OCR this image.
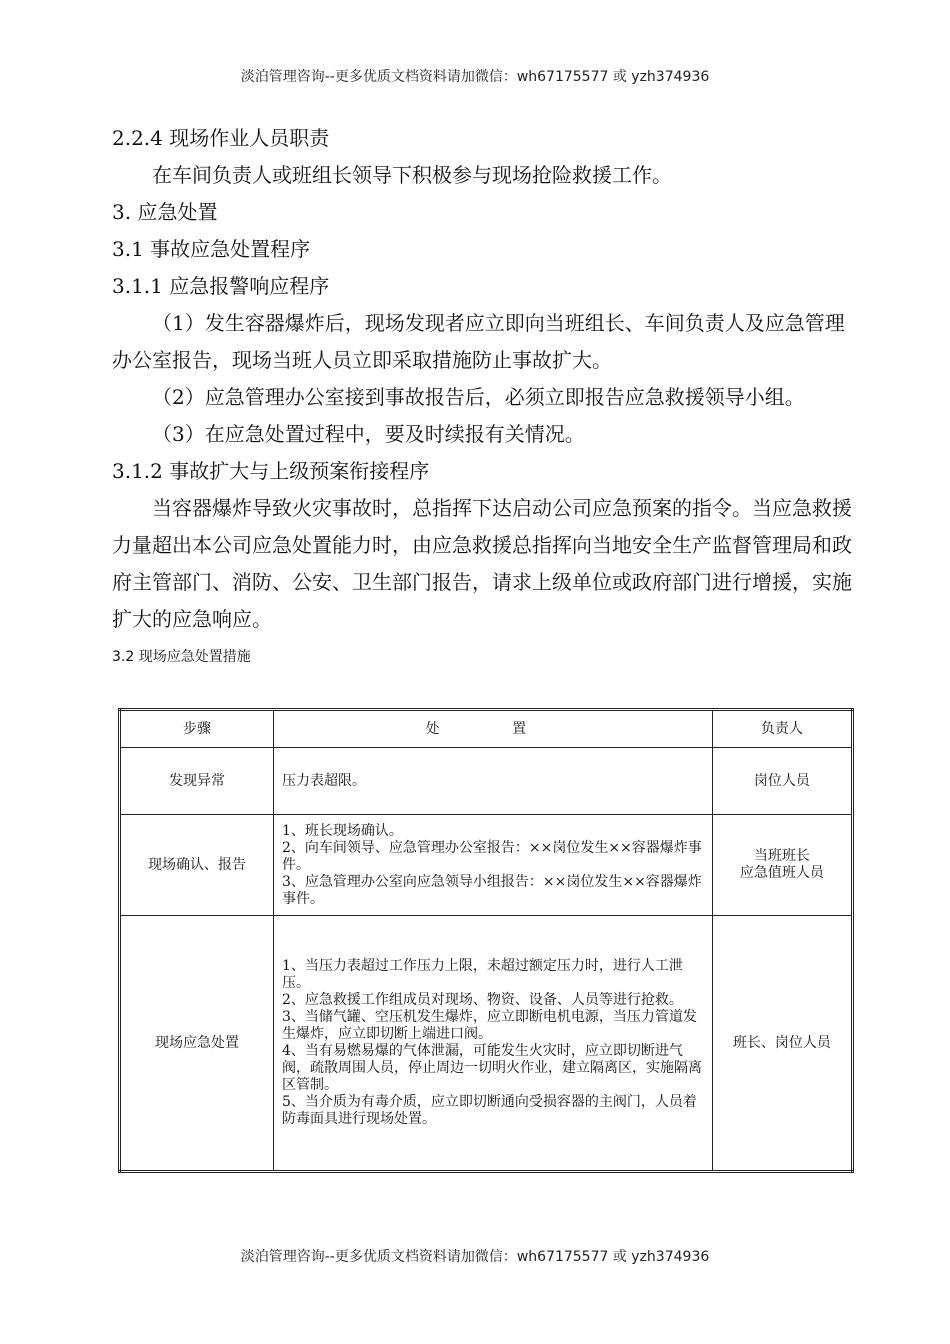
淡泊管理咨询--更多优质文档资料请加微信：wh67175577 或 yzh374936

2.2.4 现场作业人员职责

在车间负责人或班组长领导下积极参与现场抢险救援工作。

3. 应急处置

3.1 事故应急处置程序

3.1.1 应急报警响应程序

（1）发生容器爆炸后，现场发现者应立即向当班组长、车间负责人及应急管理办公室报告，现场当班人员立即采取措施防止事故扩大。

（2）应急管理办公室接到事故报告后，必须立即报告应急救援领导小组。

（3）在应急处置过程中，要及时续报有关情况。

3.1.2 事故扩大与上级预案衔接程序

当容器爆炸导致火灾事故时，总指挥下达启动公司应急预案的指令。当应急救援力量超出本公司应急处置能力时，由应急救援总指挥向当地安全生产监督管理局和政府主管部门、消防、公安、卫生部门报告，请求上级单位或政府部门进行增援，实施扩大的应急响应。

3.2 现场应急处置措施

步骤	处 置	负责人
发现异常	压力表超限。	岗位人员

现场确认、报告	1、班长现场确认。
2、向车间领导、应急管理办公室报告：××岗位发生××容器爆炸事件。
3、应急管理办公室向应急领导小组报告：××岗位发生××容器爆炸事件。	当班班长
应急值班人员

现场应急处置	1、当压力表超过工作压力上限，未超过额定压力时，进行人工泄压。
2、应急救援工作组成员对现场、物资、设备、人员等进行抢救。
3、当储气罐、空压机发生爆炸，应立即断电机电源，当压力管道发生爆炸，应立即切断上端进口阀。
4、当有易燃易爆的气体泄漏，可能发生火灾时，应立即切断进气阀，疏散周围人员，停止周边一切明火作业，建立隔离区，实施隔离区管制。
5、当介质为有毒介质，应立即切断通向受损容器的主阀门，人员着防毒面具进行现场处置。	班长、岗位人员
淡泊管理咨询--更多优质文档资料请加微信：wh67175577 或 yzh374936
